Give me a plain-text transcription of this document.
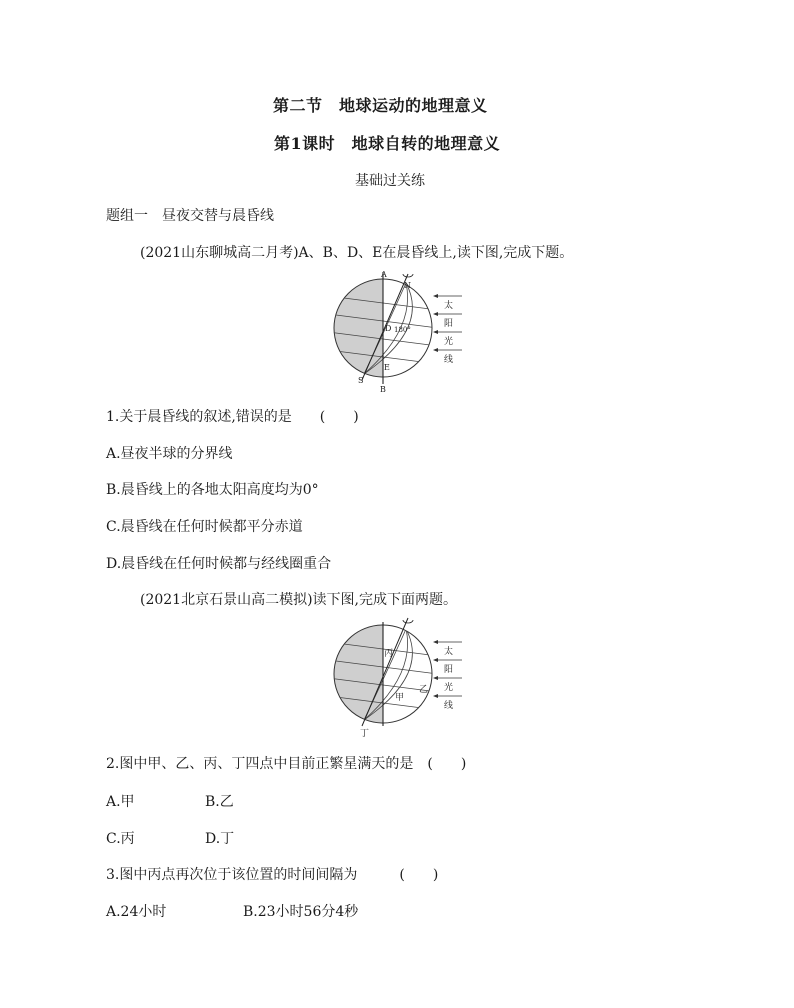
第二节　地球运动的地理意义
第1课时　地球自转的地理意义
基础过关练
题组一　昼夜交替与晨昏线
(2021山东聊城高二月考)A、B、D、E在晨昏线上,读下图,完成下题。
太
阳
光
线
A
N
D 180°
E
S
B
1.关于晨昏线的叙述,错误的是　　(　　)
A.昼夜半球的分界线
B.晨昏线上的各地太阳高度均为0°
C.晨昏线在任何时候都平分赤道
D.晨昏线在任何时候都与经线圈重合
(2021北京石景山高二模拟)读下图,完成下面两题。
太
阳
光
线
丙
乙
甲
丁
2.图中甲、乙、丙、丁四点中目前正繁星满天的是　(　　)
A.甲	B.乙
C.丙	D.丁
3.图中丙点再次位于该位置的时间间隔为　　　(　　)
A.24小时	B.23小时56分4秒
